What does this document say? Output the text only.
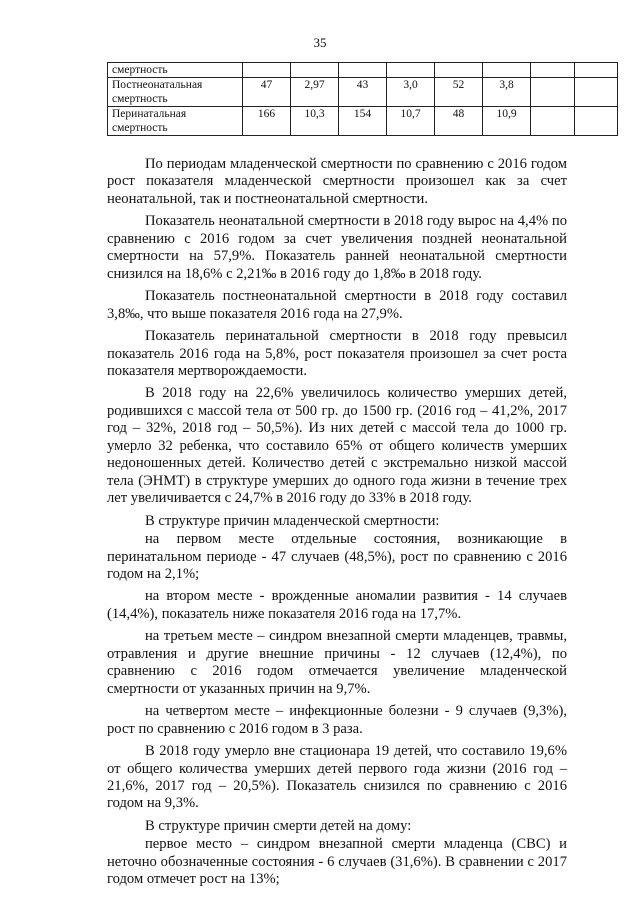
35
смертность								
Постнеонатальная смертность	47	2,97	43	3,0	52	3,8		
Перинатальная смертность	166	10,3	154	10,7	48	10,9		

По периодам младенческой смертности по сравнению с 2016 годом рост показателя младенческой смертности произошел как за счет неонатальной, так и постнеонатальной смертности.

Показатель неонатальной смертности в 2018 году вырос на 4,4% по сравнению с 2016 годом за счет увеличения поздней неонатальной смертности на 57,9%. Показатель ранней неонатальной смертности снизился на 18,6% с 2,21‰ в 2016 году до 1,8‰ в 2018 году.

Показатель постнеонатальной смертности в 2018 году составил 3,8‰, что выше показателя 2016 года на 27,9%.

Показатель перинатальной смертности в 2018 году превысил показатель 2016 года на 5,8%, рост показателя произошел за счет роста показателя мертворождаемости.

В 2018 году на 22,6% увеличилось количество умерших детей, родившихся с массой тела от 500 гр. до 1500 гр. (2016 год – 41,2%, 2017 год – 32%, 2018 год – 50,5%). Из них детей с массой тела до 1000 гр. умерло 32 ребенка, что составило 65% от общего количеств умерших недоношенных детей. Количество детей с экстремально низкой массой тела (ЭНМТ) в структуре умерших до одного года жизни в течение трех лет увеличивается с 24,7% в 2016 году до 33% в 2018 году.

В структуре причин младенческой смертности:

на первом месте отдельные состояния, возникающие в перинатальном периоде - 47 случаев (48,5%), рост по сравнению с 2016 годом на 2,1%;

на втором месте - врожденные аномалии развития - 14 случаев (14,4%), показатель ниже показателя 2016 года на 17,7%.

на третьем месте – синдром внезапной смерти младенцев, травмы, отравления и другие внешние причины - 12 случаев (12,4%), по сравнению с 2016 годом отмечается увеличение младенческой смертности от указанных причин на 9,7%.

на четвертом месте – инфекционные болезни - 9 случаев (9,3%), рост по сравнению с 2016 годом в 3 раза.

В 2018 году умерло вне стационара 19 детей, что составило 19,6% от общего количества умерших детей первого года жизни (2016 год – 21,6%, 2017 год – 20,5%). Показатель снизился по сравнению с 2016 годом на 9,3%.

В структуре причин смерти детей на дому:

первое место – синдром внезапной смерти младенца (СВС) и неточно обозначенные состояния - 6 случаев (31,6%). В сравнении с 2017 годом отмечет рост на 13%;
